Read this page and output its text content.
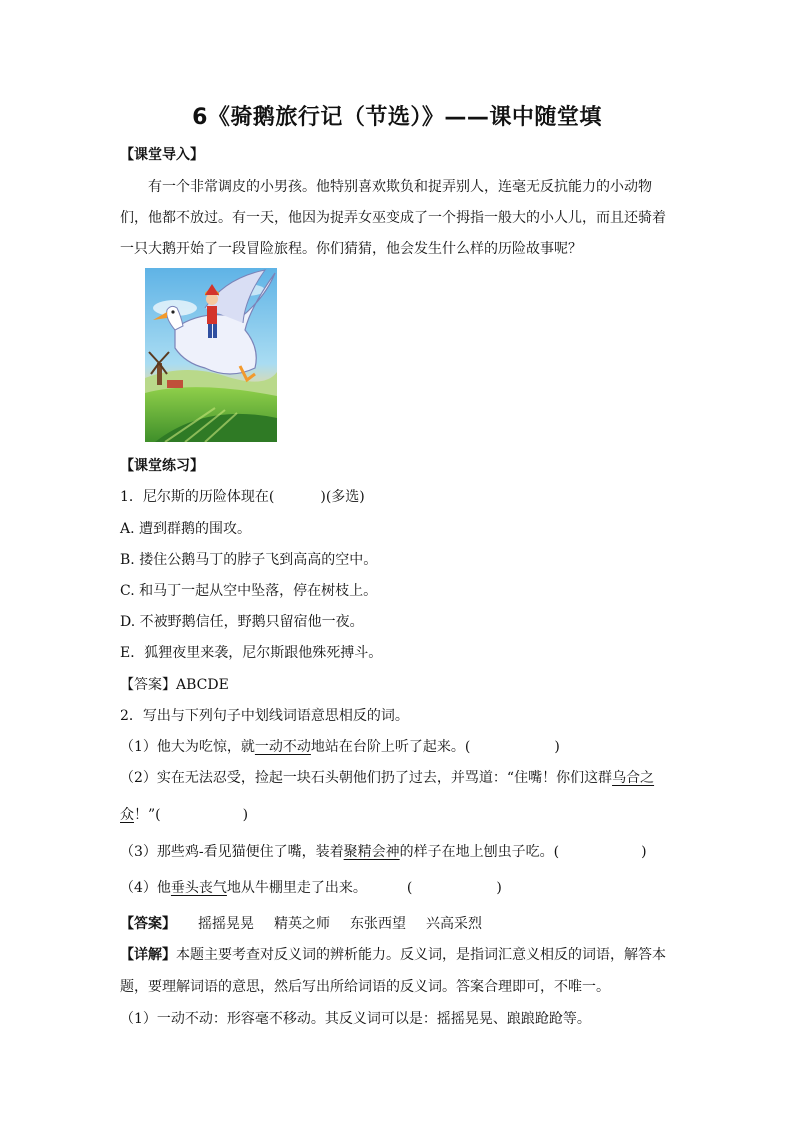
6《骑鹅旅行记（节选）》——课中随堂填
【课堂导入】
有一个非常调皮的小男孩。他特别喜欢欺负和捉弄别人，连毫无反抗能力的小动物
们，他都不放过。有一天，他因为捉弄女巫变成了一个拇指一般大的小人儿，而且还骑着
一只大鹅开始了一段冒险旅程。你们猜猜，他会发生什么样的历险故事呢？
【课堂练习】
1．尼尔斯的历险体现在(	)(多选)
A. 遭到群鹅的围攻。
B. 搂住公鹅马丁的脖子飞到高高的空中。
C. 和马丁一起从空中坠落，停在树枝上。
D. 不被野鹅信任，野鹅只留宿他一夜。
E．狐狸夜里来袭，尼尔斯跟他殊死搏斗。
【答案】ABCDE
2．写出与下列句子中划线词语意思相反的词。
（1）他大为吃惊，就一动不动地站在台阶上听了起来。(	)
（2）实在无法忍受，捡起一块石头朝他们扔了过去，并骂道：“住嘴！你们这群乌合之
众！”(	)
（3）那些鸡-看见猫便住了嘴，装着聚精会神的样子在地上刨虫子吃。(	)
（4）他垂头丧气地从牛棚里走了出来。	(	)
【答案】 摇摇晃晃 精英之师 东张西望 兴高采烈
【详解】本题主要考查对反义词的辨析能力。反义词，是指词汇意义相反的词语，解答本
题，要理解词语的意思，然后写出所给词语的反义词。答案合理即可，不唯一。
（1）一动不动：形容毫不移动。其反义词可以是：摇摇晃晃、踉踉跄跄等。
